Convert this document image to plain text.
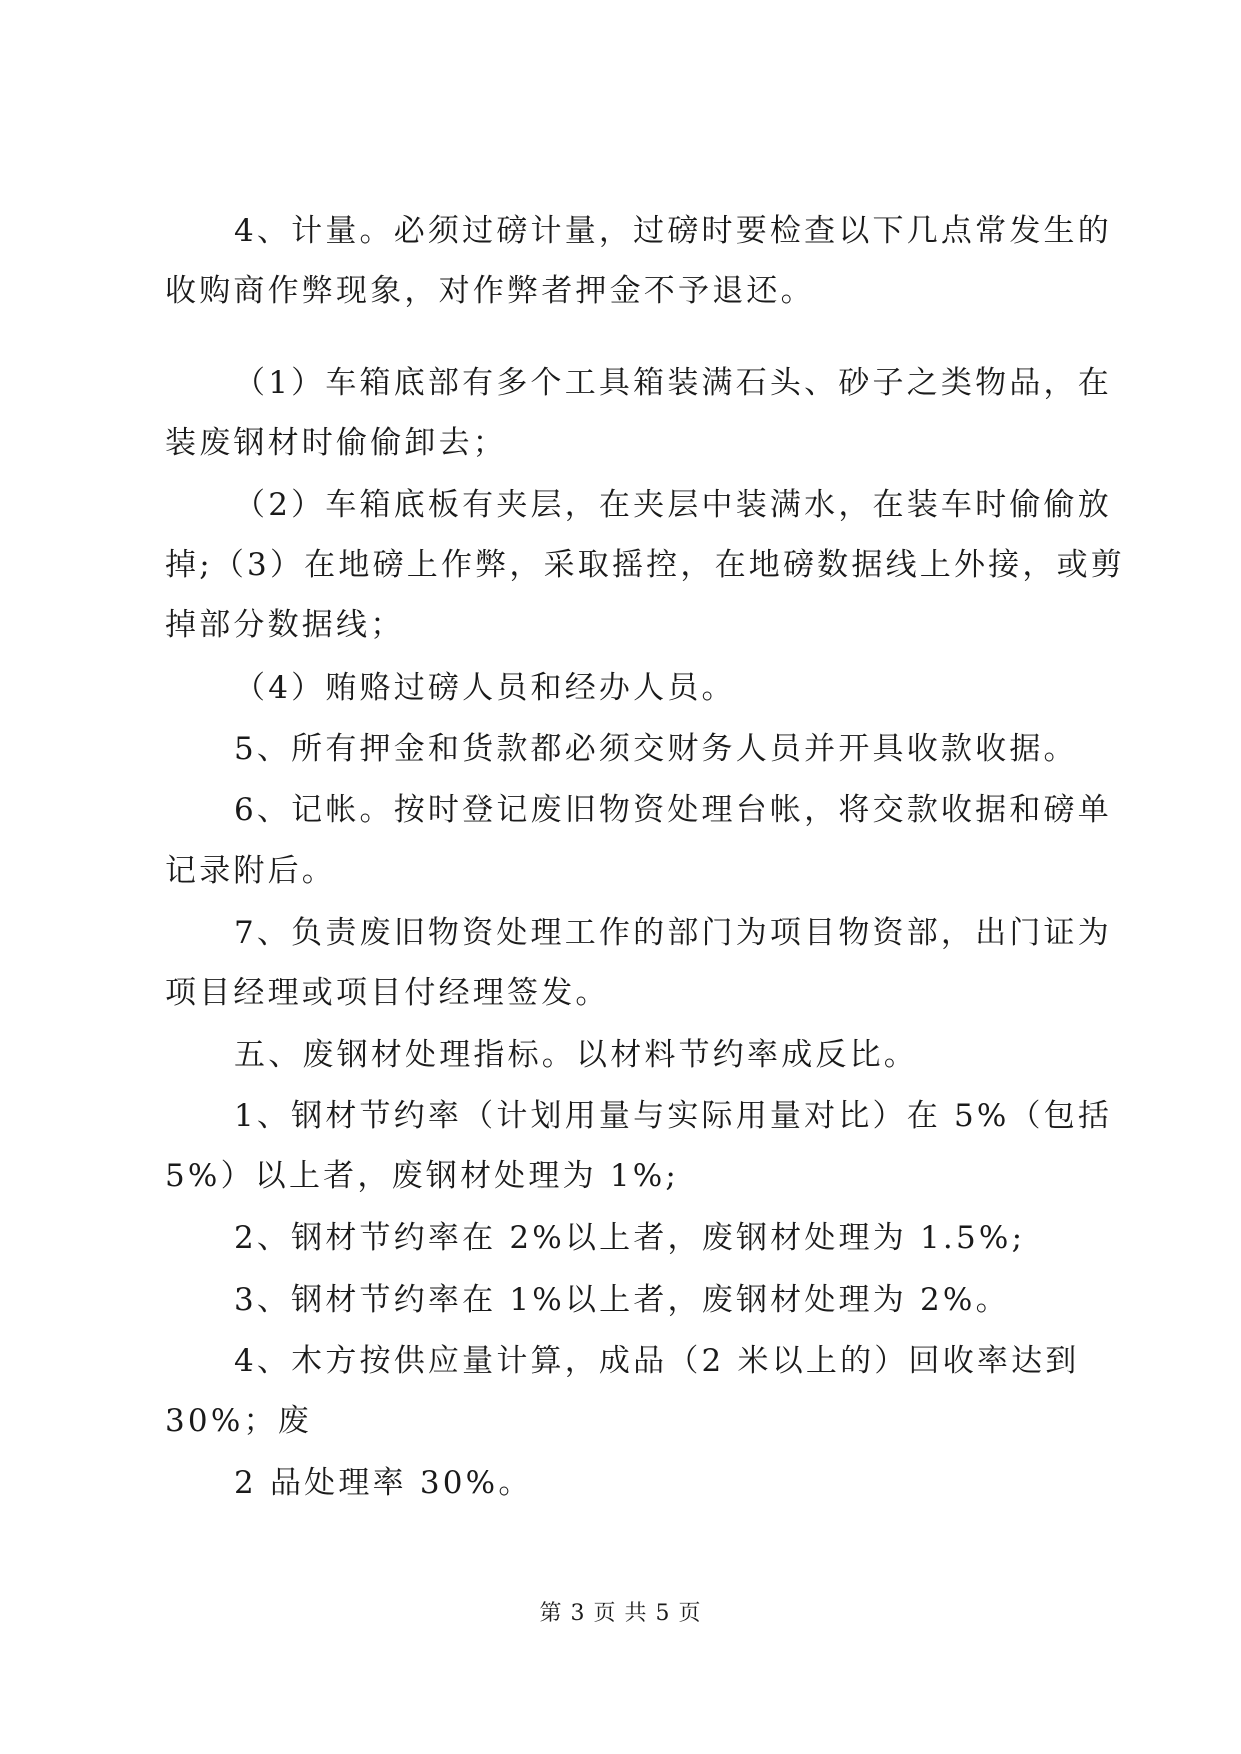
4、计量。必须过磅计量，过磅时要检查以下几点常发生的
收购商作弊现象，对作弊者押金不予退还。
（1）车箱底部有多个工具箱装满石头、砂子之类物品，在
装废钢材时偷偷卸去；
（2）车箱底板有夹层，在夹层中装满水，在装车时偷偷放
掉;（3）在地磅上作弊，采取摇控，在地磅数据线上外接，或剪
掉部分数据线；
（4）贿赂过磅人员和经办人员。
5、所有押金和货款都必须交财务人员并开具收款收据。
6、记帐。按时登记废旧物资处理台帐，将交款收据和磅单
记录附后。
7、负责废旧物资处理工作的部门为项目物资部，出门证为
项目经理或项目付经理签发。
五、废钢材处理指标。以材料节约率成反比。
1、钢材节约率（计划用量与实际用量对比）在 5%（包括
5%）以上者，废钢材处理为 1%;
2、钢材节约率在 2%以上者，废钢材处理为 1.5%;
3、钢材节约率在 1%以上者，废钢材处理为 2%。
4、木方按供应量计算，成品（2 米以上的）回收率达到
30%；废
2 品处理率 30%。
第 3 页 共 5 页
